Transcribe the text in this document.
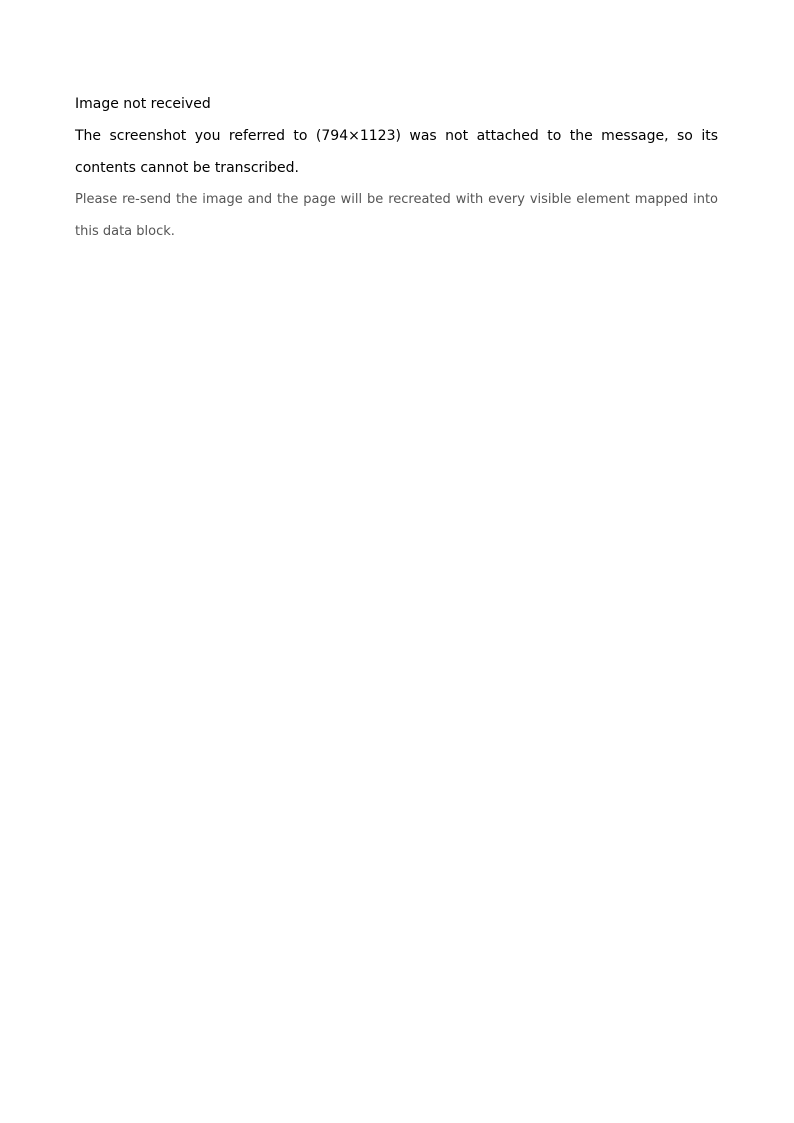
Image not received

The screenshot you referred to (794×1123) was not attached to the message, so its contents cannot be transcribed.

Please re-send the image and the page will be recreated with every visible element mapped into this data block.
